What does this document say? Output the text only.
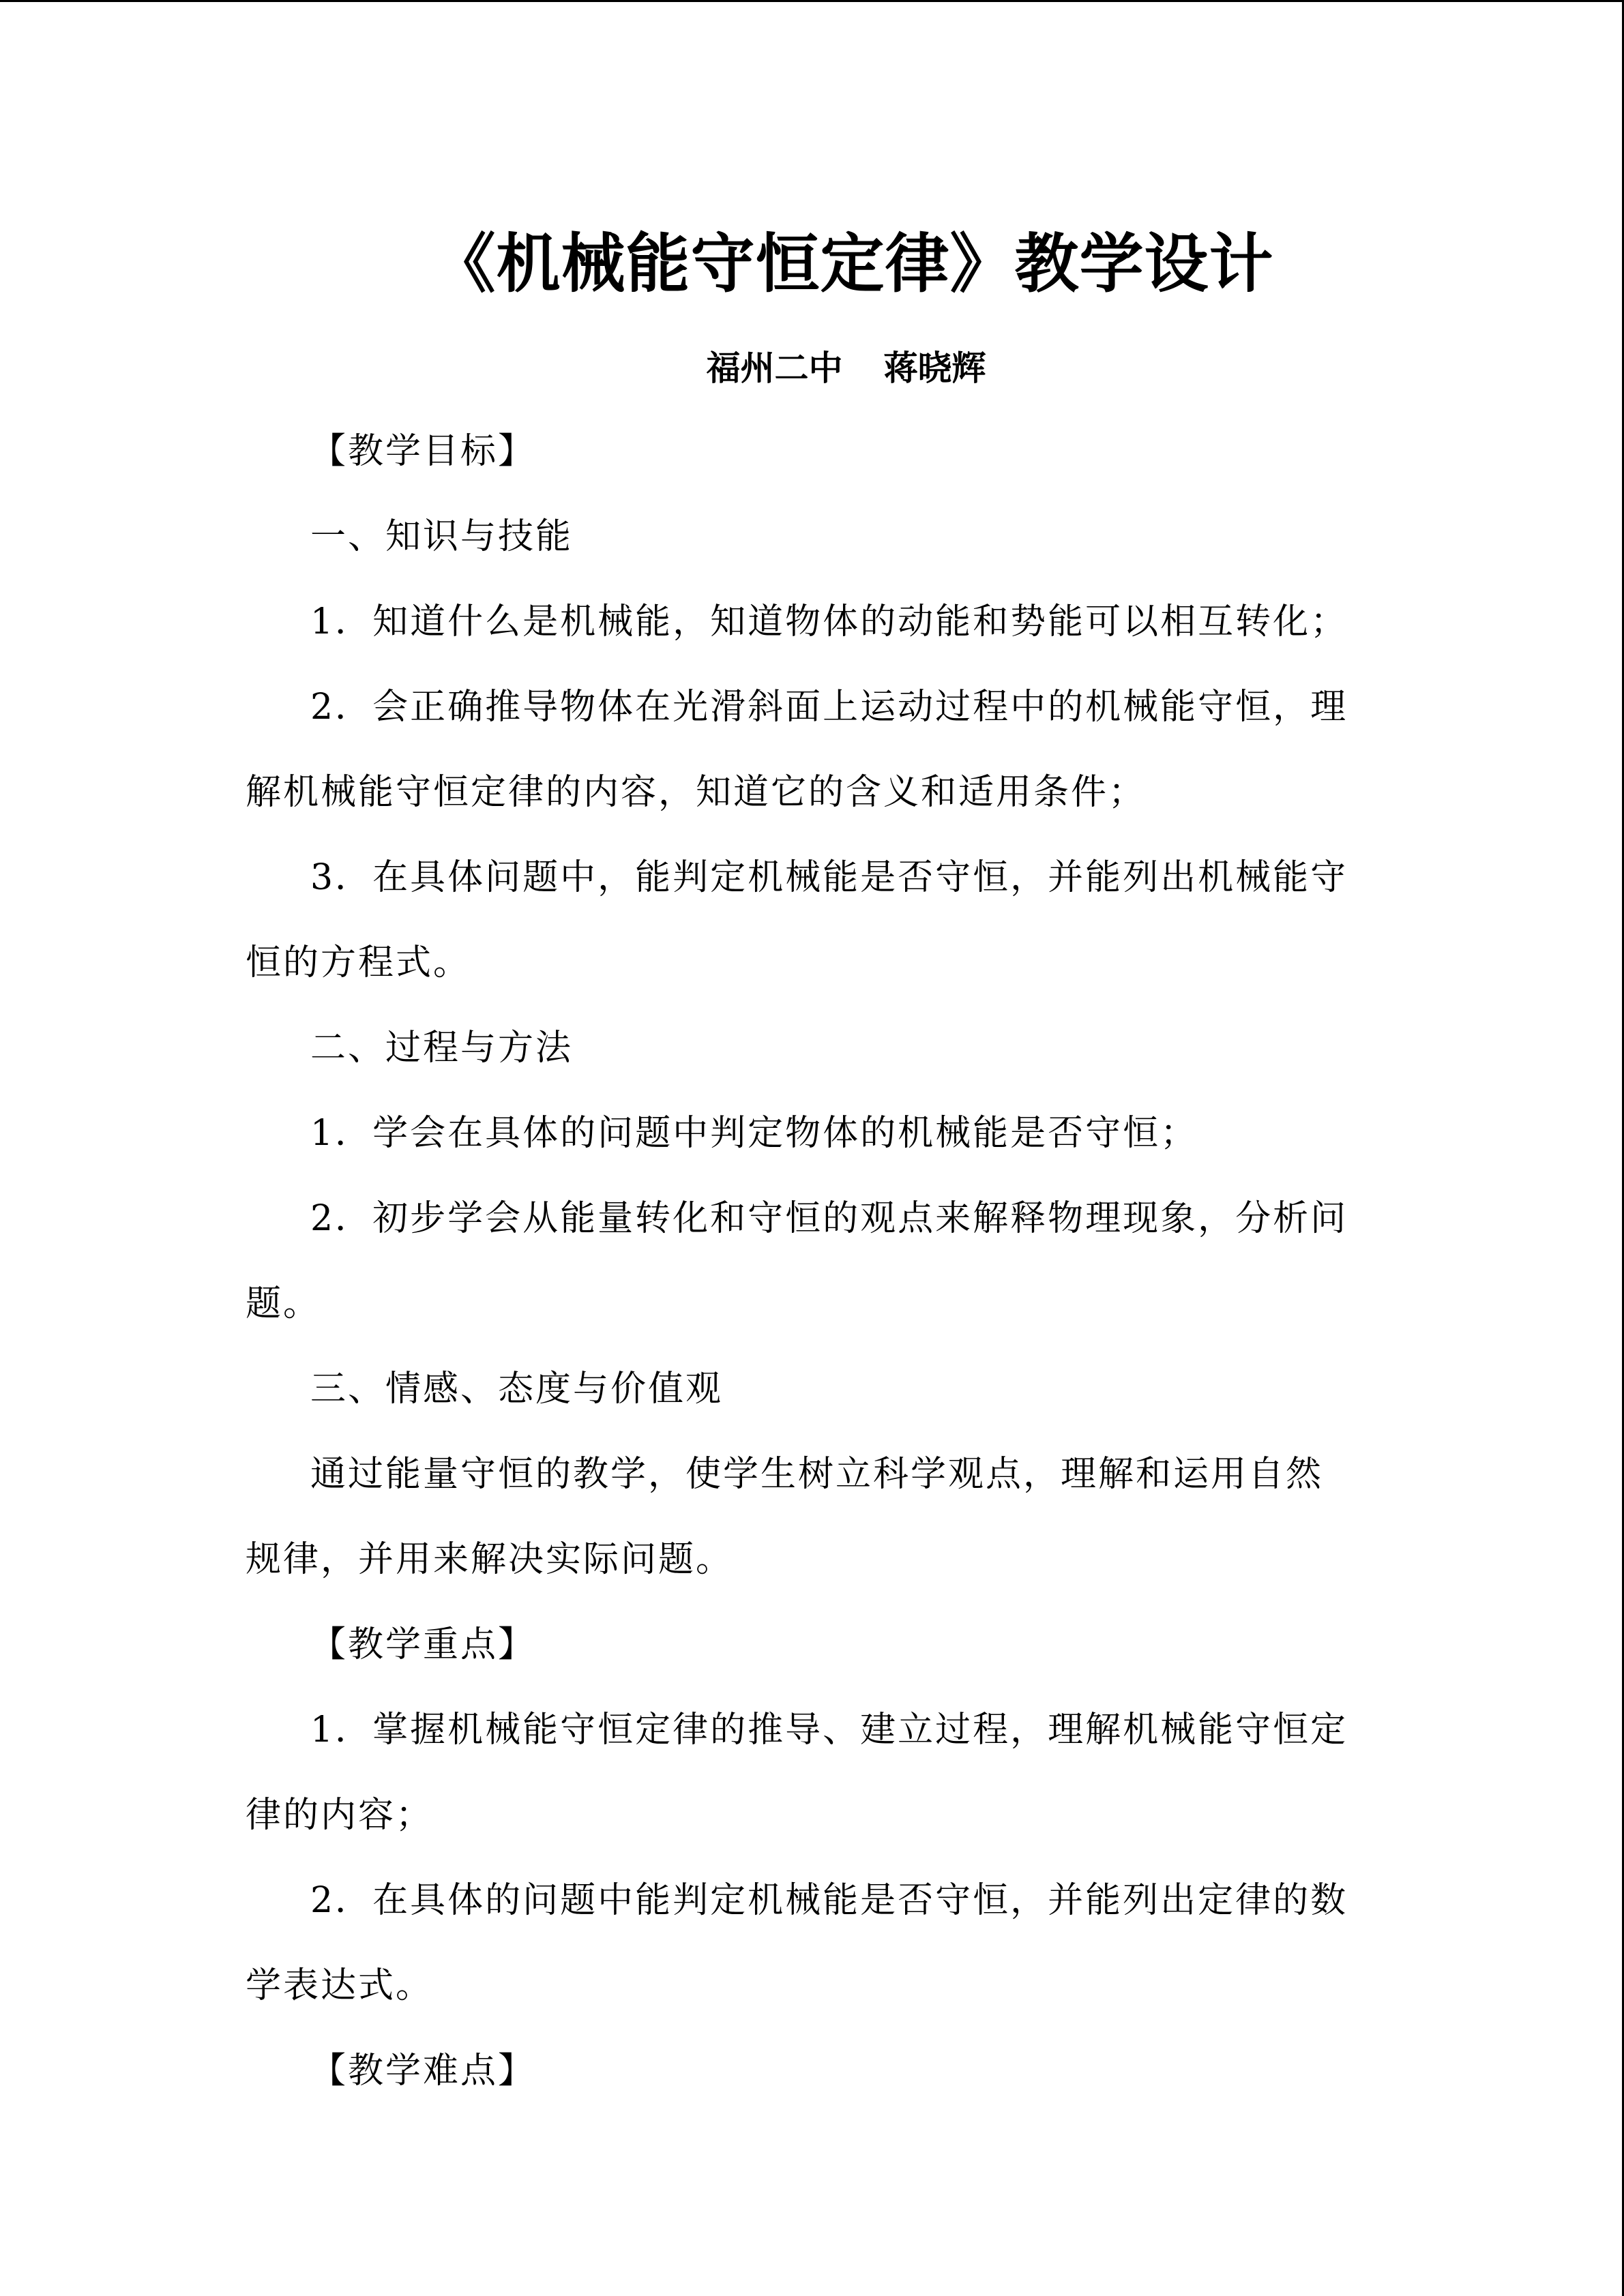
《机械能守恒定律》教学设计
福州二中 蒋晓辉
【教学目标】
一、知识与技能
1．知道什么是机械能，知道物体的动能和势能可以相互转化；
2．会正确推导物体在光滑斜面上运动过程中的机械能守恒，理
解机械能守恒定律的内容，知道它的含义和适用条件；
3．在具体问题中，能判定机械能是否守恒，并能列出机械能守
恒的方程式。
二、过程与方法
1．学会在具体的问题中判定物体的机械能是否守恒；
2．初步学会从能量转化和守恒的观点来解释物理现象，分析问
题。
三、情感、态度与价值观
通过能量守恒的教学，使学生树立科学观点，理解和运用自然
规律，并用来解决实际问题。
【教学重点】
1．掌握机械能守恒定律的推导、建立过程，理解机械能守恒定
律的内容；
2．在具体的问题中能判定机械能是否守恒，并能列出定律的数
学表达式。
【教学难点】
